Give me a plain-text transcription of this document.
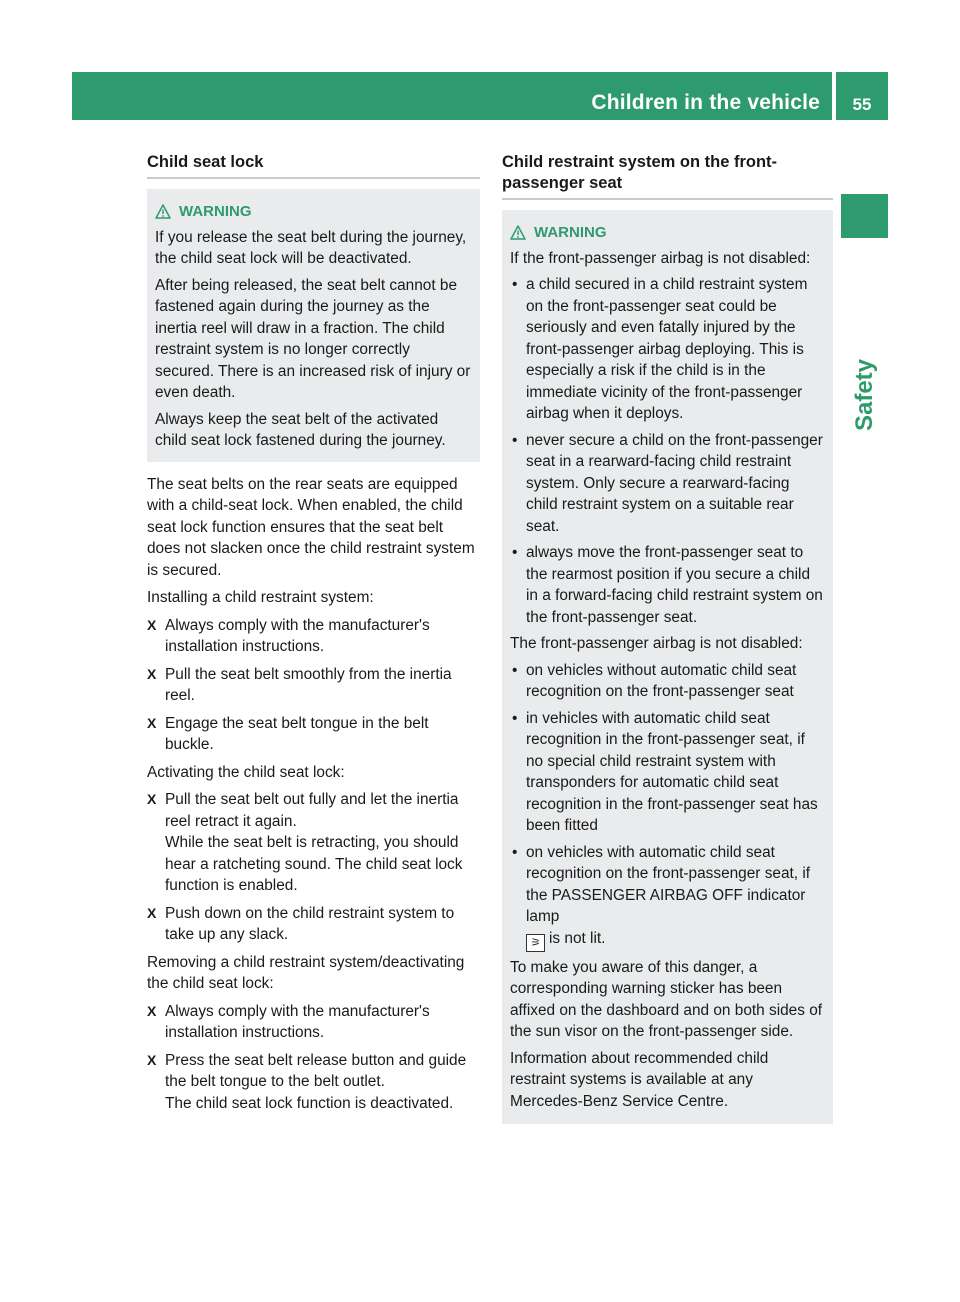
Children in the vehicle	55
Safety
Child seat lock
WARNING

If you release the seat belt during the journey, the child seat lock will be deactivated.

After being released, the seat belt cannot be fastened again during the journey as the inertia reel will draw in a fraction. The child restraint system is no longer correctly secured. There is an increased risk of injury or even death.

Always keep the seat belt of the activated child seat lock fastened during the journey.

The seat belts on the rear seats are equipped with a child-seat lock. When enabled, the child seat lock function ensures that the seat belt does not slacken once the child restraint system is secured.

Installing a child restraint system:

X Always comply with the manufacturer's installation instructions.
X Pull the seat belt smoothly from the inertia reel.
X Engage the seat belt tongue in the belt buckle.

Activating the child seat lock:

X Pull the seat belt out fully and let the inertia reel retract it again.
While the seat belt is retracting, you should hear a ratcheting sound. The child seat lock function is enabled.
X Push down on the child restraint system to take up any slack.

Removing a child restraint system/deactivating the child seat lock:

X Always comply with the manufacturer's installation instructions.
X Press the seat belt release button and guide the belt tongue to the belt outlet.
The child seat lock function is deactivated.
Child restraint system on the front-passenger seat
WARNING

If the front-passenger airbag is not disabled:

• a child secured in a child restraint system on the front-passenger seat could be seriously and even fatally injured by the front-passenger airbag deploying. This is especially a risk if the child is in the immediate vicinity of the front-passenger airbag when it deploys.
• never secure a child on the front-passenger seat in a rearward-facing child restraint system. Only secure a rearward-facing child restraint system on a suitable rear seat.
• always move the front-passenger seat to the rearmost position if you secure a child in a forward-facing child restraint system on the front-passenger seat.

The front-passenger airbag is not disabled:

• on vehicles without automatic child seat recognition on the front-passenger seat
• in vehicles with automatic child seat recognition in the front-passenger seat, if no special child restraint system with transponders for automatic child seat recognition in the front-passenger seat has been fitted
• on vehicles with automatic child seat recognition on the front-passenger seat, if the PASSENGER AIRBAG OFF indicator lamp
⚞ is not lit.

To make you aware of this danger, a corresponding warning sticker has been affixed on the dashboard and on both sides of the sun visor on the front-passenger side.

Information about recommended child restraint systems is available at any Mercedes-Benz Service Centre.
